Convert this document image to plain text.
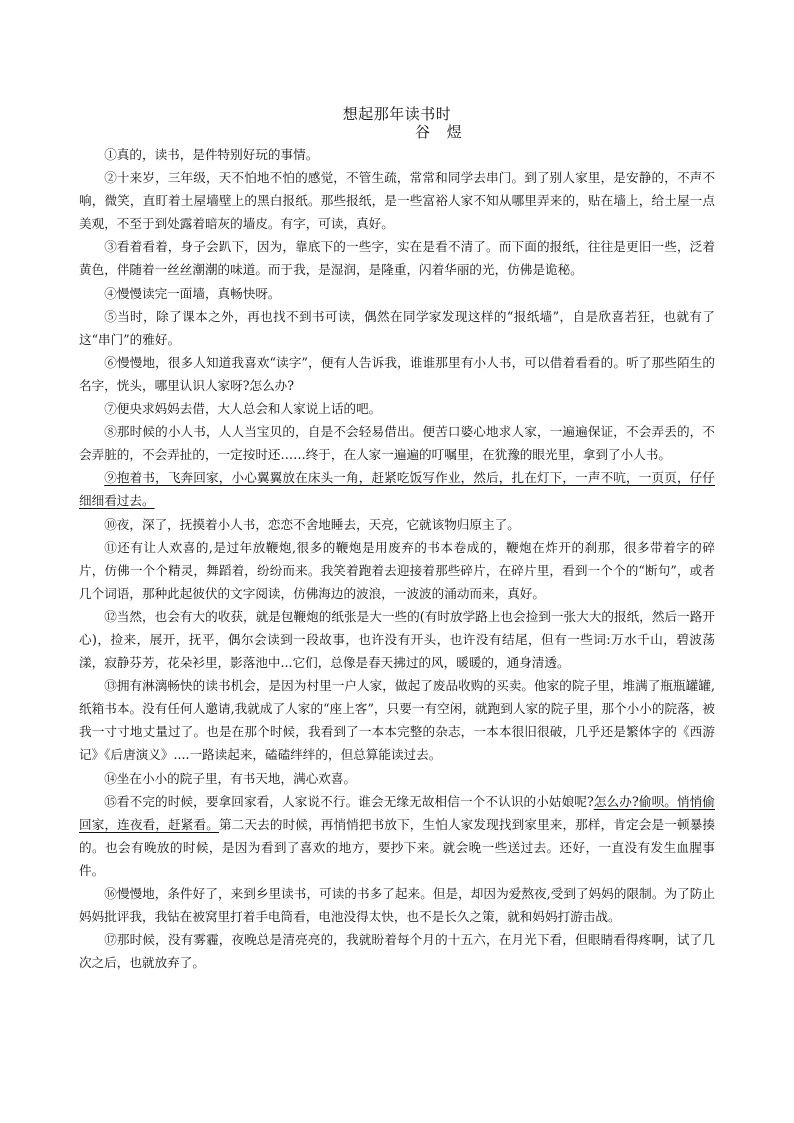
想起那年读书时
谷 煜

①真的，读书，是件特别好玩的事情。

②十来岁，三年级，天不怕地不怕的感觉，不管生疏，常常和同学去串门。到了别人家里，是安静的，不声不响，微笑，直盯着土屋墙壁上的黑白报纸。那些报纸，是一些富裕人家不知从哪里弄来的，贴在墙上，给土屋一点美观，不至于到处露着暗灰的墙皮。有字，可读，真好。

③看着看着，身子会趴下，因为，靠底下的一些字，实在是看不清了。而下面的报纸，往往是更旧一些，泛着黄色，伴随着一丝丝潮潮的味道。而于我，是湿润，是隆重，闪着华丽的光，仿佛是诡秘。

④慢慢读完一面墙，真畅快呀。

⑤当时，除了课本之外，再也找不到书可读，偶然在同学家发现这样的“报纸墙”，自是欣喜若狂，也就有了这“串门”的雅好。

⑥慢慢地，很多人知道我喜欢“读字”，便有人告诉我，谁谁那里有小人书，可以借着看看的。听了那些陌生的名字，恍头，哪里认识人家呀?怎么办?

⑦便央求妈妈去借，大人总会和人家说上话的吧。

⑧那时候的小人书，人人当宝贝的，自是不会轻易借出。便苦口婆心地求人家，一遍遍保证，不会弄丢的，不会弄脏的，不会弄扯的，一定按时还……终于，在人家一遍遍的叮嘱里，在犹豫的眼光里，拿到了小人书。

⑨抱着书，飞奔回家，小心翼翼放在床头一角，赶紧吃饭写作业，然后，扎在灯下，一声不吭，一页页，仔仔细细看过去。

⑩夜，深了，抚摸着小人书，恋恋不舍地睡去，天亮，它就该物归原主了。

⑪还有让人欢喜的,是过年放鞭炮,很多的鞭炮是用废弃的书本卷成的，鞭炮在炸开的刹那，很多带着字的碎片，仿佛一个个精灵，舞蹈着，纷纷而来。我笑着跑着去迎接着那些碎片，在碎片里，看到一个个的“断句”，或者几个词语，那种此起彼伏的文字阅读，仿佛海边的波浪，一波波的涌动而来，真好。

⑫当然，也会有大的收获，就是包鞭炮的纸张是大一些的(有时放学路上也会捡到一张大大的报纸，然后一路开心)，捡来，展开，抚平，偶尔会读到一段故事，也许没有开头，也许没有结尾，但有一些词:万水千山，碧波荡漾，寂静芬芳，花朵衫里，影落池中...它们，总像是春天拂过的风，暖暖的，通身清透。

⑬拥有淋漓畅快的读书机会，是因为村里一户人家，做起了废品收购的买卖。他家的院子里，堆满了瓶瓶罐罐,纸箱书本。没有任何人邀请,我就成了人家的“座上客”，只要一有空闲，就跑到人家的院子里，那个小小的院落，被我一寸寸地丈量过了。也是在那个时候，我看到了一本本完整的杂志，一本本很旧很破，几乎还是繁体字的《西游记》《后唐演义》....一路读起来，磕磕绊绊的，但总算能读过去。

⑭坐在小小的院子里，有书天地，满心欢喜。

⑮看不完的时候，要拿回家看，人家说不行。谁会无缘无故相信一个不认识的小姑娘呢?怎么办?偷呗。悄悄偷回家，连夜看，赶紧看。第二天去的时候，再悄悄把书放下，生怕人家发现找到家里来，那样，肯定会是一顿暴揍的。也会有晚放的时候，是因为看到了喜欢的地方，要抄下来。就会晚一些送过去。还好，一直没有发生血腥事件。

⑯慢慢地，条件好了，来到乡里读书，可读的书多了起来。但是，却因为爱熬夜,受到了妈妈的限制。为了防止妈妈批评我，我钻在被窝里打着手电筒看，电池没得太快，也不是长久之策，就和妈妈打游击战。

⑰那时候，没有雾霾，夜晚总是清亮亮的，我就盼着每个月的十五六，在月光下看，但眼睛看得疼啊，试了几次之后，也就放弃了。
